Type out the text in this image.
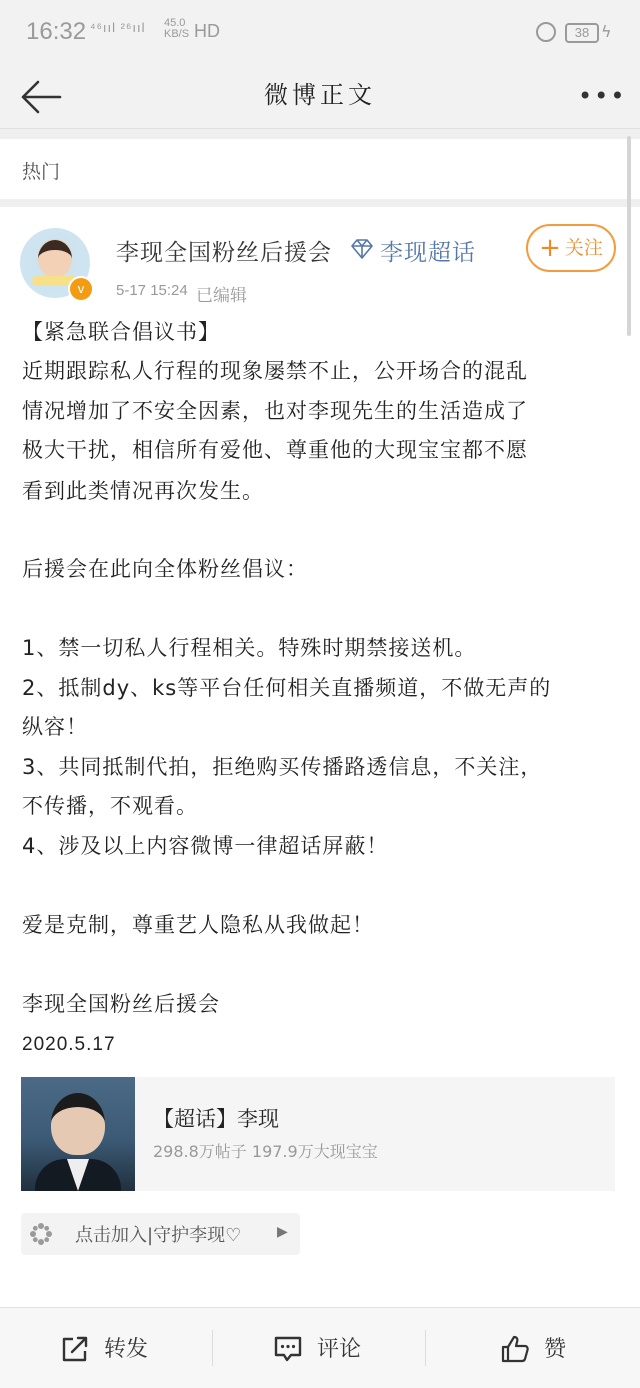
16:32 ⁴⁶ııl ²⁶ııl 45.0
KB/S HD	38 ϟ
微博正文	•••
热门
v
李现全国粉丝后援会 李现超话
5-17 15:24 已编辑
+ 关注
【紧急联合倡议书】
近期跟踪私人行程的现象屡禁不止，公开场合的混乱
情况增加了不安全因素，也对李现先生的生活造成了
极大干扰，相信所有爱他、尊重他的大现宝宝都不愿
看到此类情况再次发生。
后援会在此向全体粉丝倡议：
1、禁一切私人行程相关。特殊时期禁接送机。
2、抵制dy、ks等平台任何相关直播频道，不做无声的
纵容！
3、共同抵制代拍，拒绝购买传播路透信息，不关注，
不传播，不观看。
4、涉及以上内容微博一律超话屏蔽！
爱是克制，尊重艺人隐私从我做起！
李现全国粉丝后援会
2020.5.17
【超话】李现
298.8万帖子 197.9万大现宝宝
点击加入|守护李现♡	▶
转发	评论	赞
